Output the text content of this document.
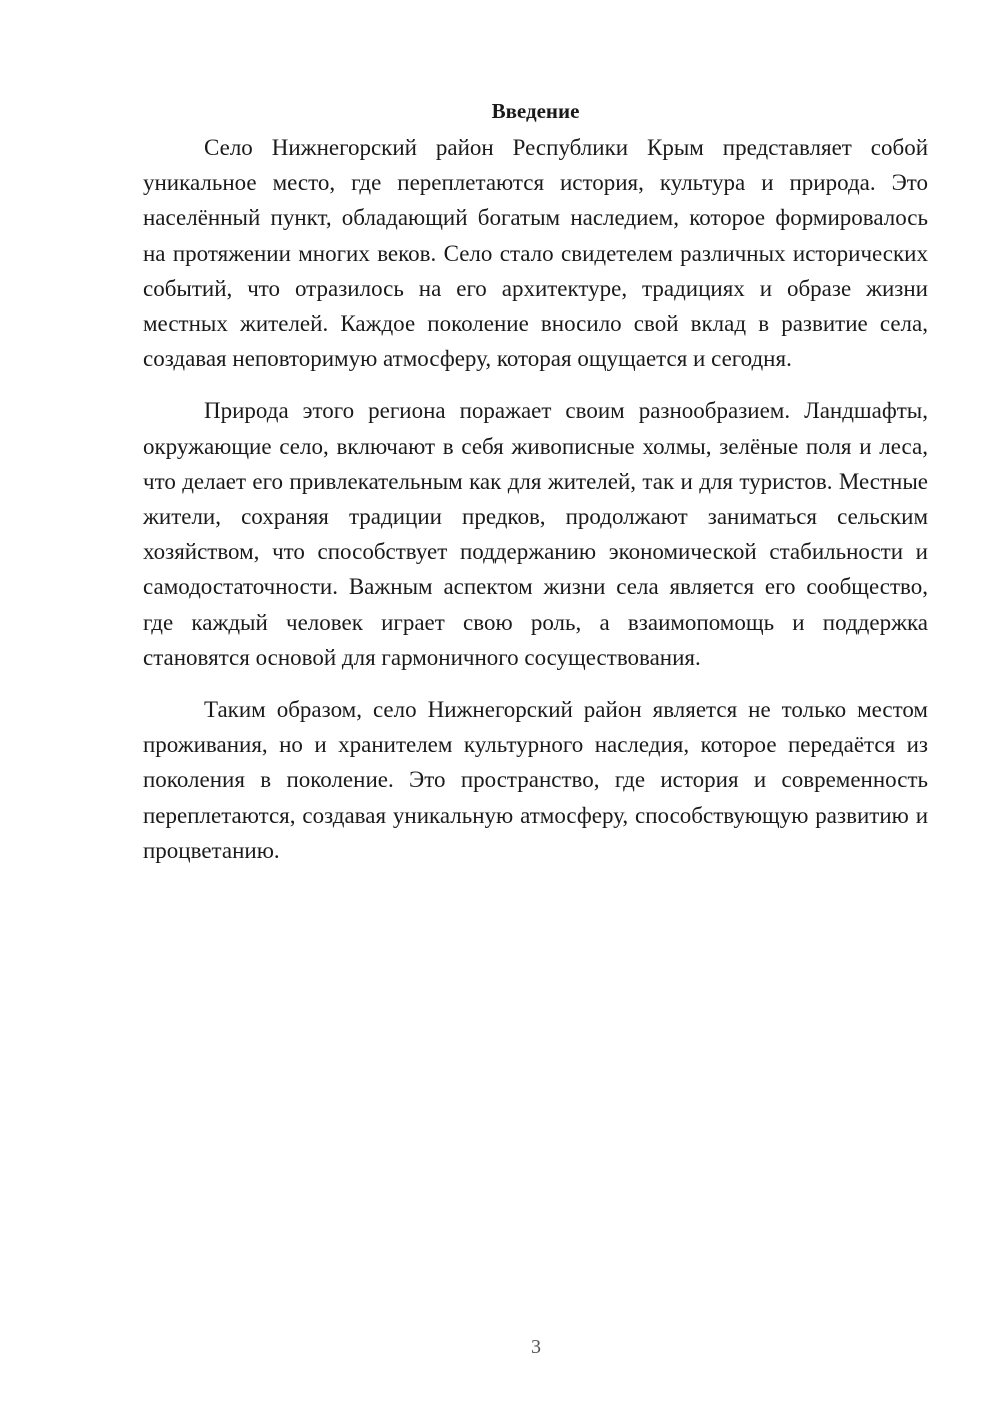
Введение

Село Нижнегорский район Республики Крым представляет собой уникальное место, где переплетаются история, культура и природа. Это населённый пункт, обладающий богатым наследием, которое формировалось на протяжении многих веков. Село стало свидетелем различных исторических событий, что отразилось на его архитектуре, традициях и образе жизни местных жителей. Каждое поколение вносило свой вклад в развитие села, создавая неповторимую атмосферу, которая ощущается и сегодня.

Природа этого региона поражает своим разнообразием. Ландшафты, окружающие село, включают в себя живописные холмы, зелёные поля и леса, что делает его привлекательным как для жителей, так и для туристов. Местные жители, сохраняя традиции предков, продолжают заниматься сельским хозяйством, что способствует поддержанию экономической стабильности и самодостаточности. Важным аспектом жизни села является его сообщество, где каждый человек играет свою роль, а взаимопомощь и поддержка становятся основой для гармоничного сосуществования.

Таким образом, село Нижнегорский район является не только местом проживания, но и хранителем культурного наследия, которое передаётся из поколения в поколение. Это пространство, где история и современность переплетаются, создавая уникальную атмосферу, способствующую развитию и процветанию.

3
